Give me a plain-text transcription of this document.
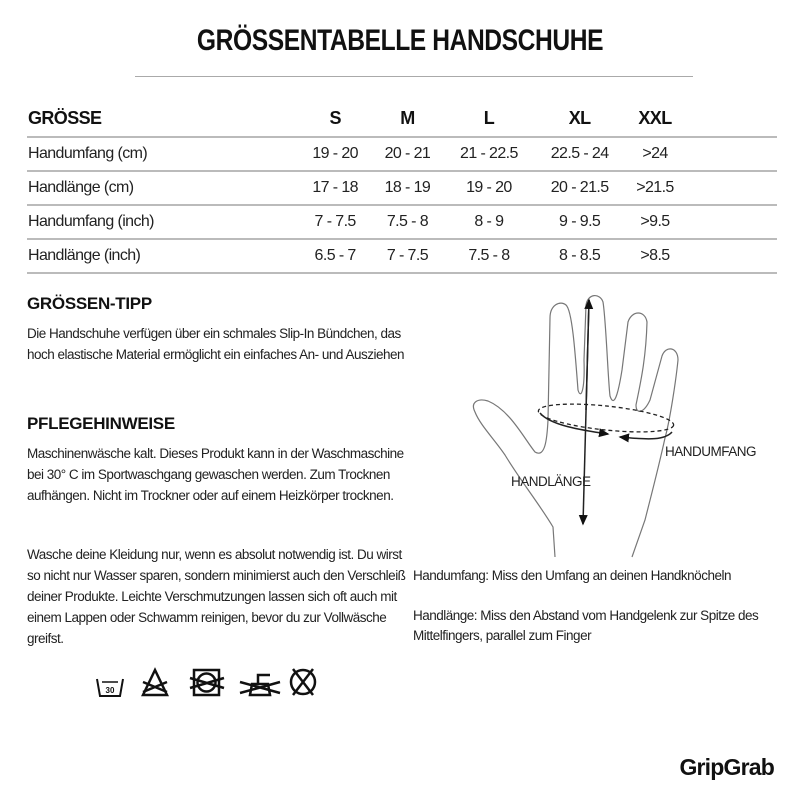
GRÖSSENTABELLE HANDSCHUHE
GRÖSSE	S	M	L	XL	XXL	
Handumfang (cm)	19 - 20	20 - 21	21 - 22.5	22.5 - 24	>24	
Handlänge (cm)	17 - 18	18 - 19	19 - 20	20 - 21.5	>21.5	
Handumfang (inch)	7 - 7.5	7.5 - 8	8 - 9	9 - 9.5	>9.5	
Handlänge (inch)	6.5 - 7	7 - 7.5	7.5 - 8	8 - 8.5	>8.5	
GRÖSSEN-TIPP
Die Handschuhe verfügen über ein schmales Slip-In Bündchen, das hoch elastische Material ermöglicht ein einfaches An- und Ausziehen
PFLEGEHINWEISE
Maschinenwäsche kalt. Dieses Produkt kann in der Waschmaschine bei 30° C im Sportwaschgang gewaschen werden. Zum Trocknen aufhängen. Nicht im Trockner oder auf einem Heizkörper trocknen.
Wasche deine Kleidung nur, wenn es absolut notwendig ist. Du wirst so nicht nur Wasser sparen, sondern minimierst auch den Verschleiß deiner Produkte. Leichte Verschmutzungen lassen sich oft auch mit einem Lappen oder Schwamm reinigen, bevor du zur Vollwäsche greifst.
30
HANDUMFANG
HANDLÄNGE
Handumfang: Miss den Umfang an deinen Handknöcheln
Handlänge: Miss den Abstand vom Handgelenk zur Spitze des Mittelfingers, parallel zum Finger
GripGrab
